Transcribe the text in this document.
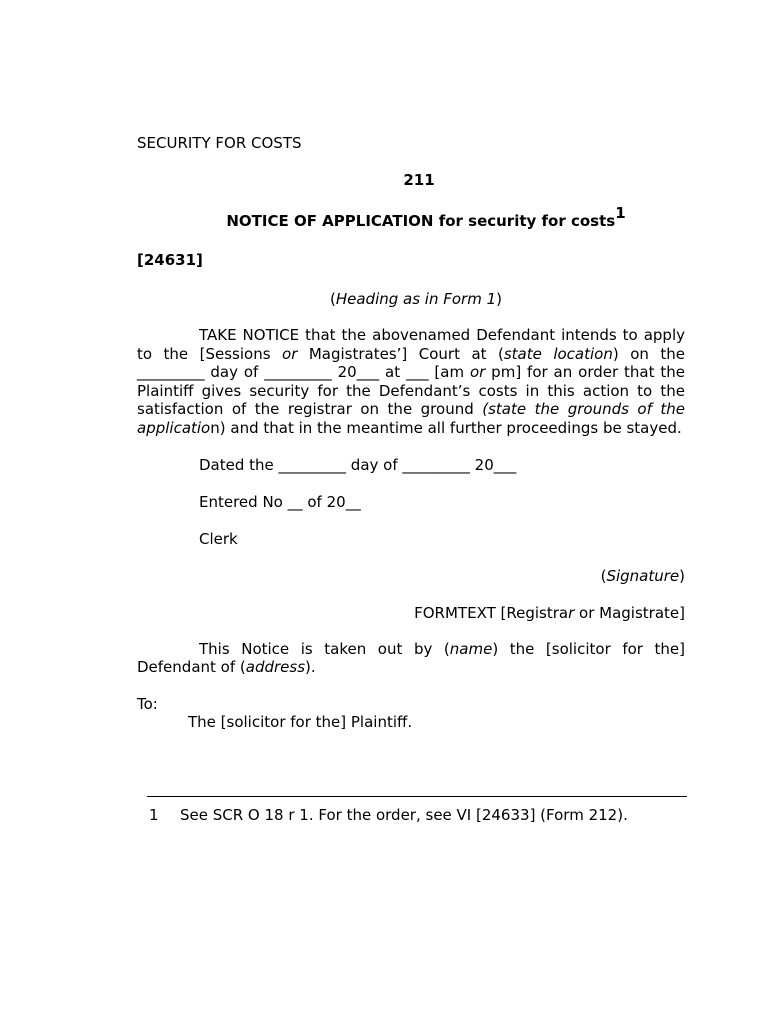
SECURITY FOR COSTS
211
NOTICE OF APPLICATION for security for costs$^1$
[24631]
(Heading as in Form 1)
TAKE NOTICE that the abovenamed Defendant intends to apply to the [Sessions or Magistrates’] Court at (state location) on the _________ day of _________ 20___ at ___ [am or pm] for an order that the Plaintiff gives security for the Defendant’s costs in this action to the satisfaction of the registrar on the ground (state the grounds of the application) and that in the meantime all further proceedings be stayed.
Dated the _________ day of _________ 20___
Entered No __ of 20__
Clerk
(Signature)
FORMTEXT [Registrar or Magistrate]
This Notice is taken out by (name) the [solicitor for the] Defendant of (address).
To:
The [solicitor for the] Plaintiff.
1 See SCR O 18 r 1. For the order, see VI [24633] (Form 212).
